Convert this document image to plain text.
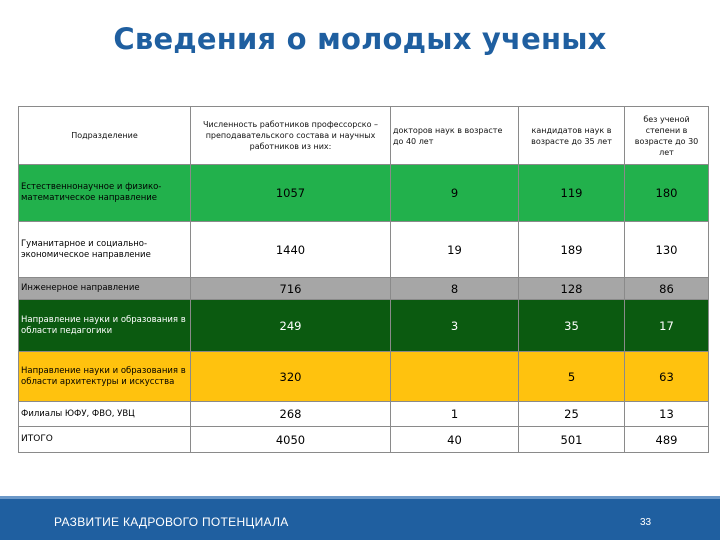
Сведения о молодых ученых
Подразделение	Численность работников профессорско – преподавательского состава и научных работников из них:	докторов наук в возрасте до 40 лет	кандидатов наук в возрасте до 35 лет	без ученой степени в возрасте до 30 лет
Естественнонаучное и физико-математическое направление	1057	9	119	180
Гуманитарное и социально-экономическое направление	1440	19	189	130
Инженерное направление	716	8	128	86
Направление науки и образования в области педагогики	249	3	35	17
Направление науки и образования в области архитектуры и искусства	320		5	63
Филиалы ЮФУ, ФВО, УВЦ	268	1	25	13
ИТОГО	4050	40	501	489
РАЗВИТИЕ КАДРОВОГО ПОТЕНЦИАЛА	33
